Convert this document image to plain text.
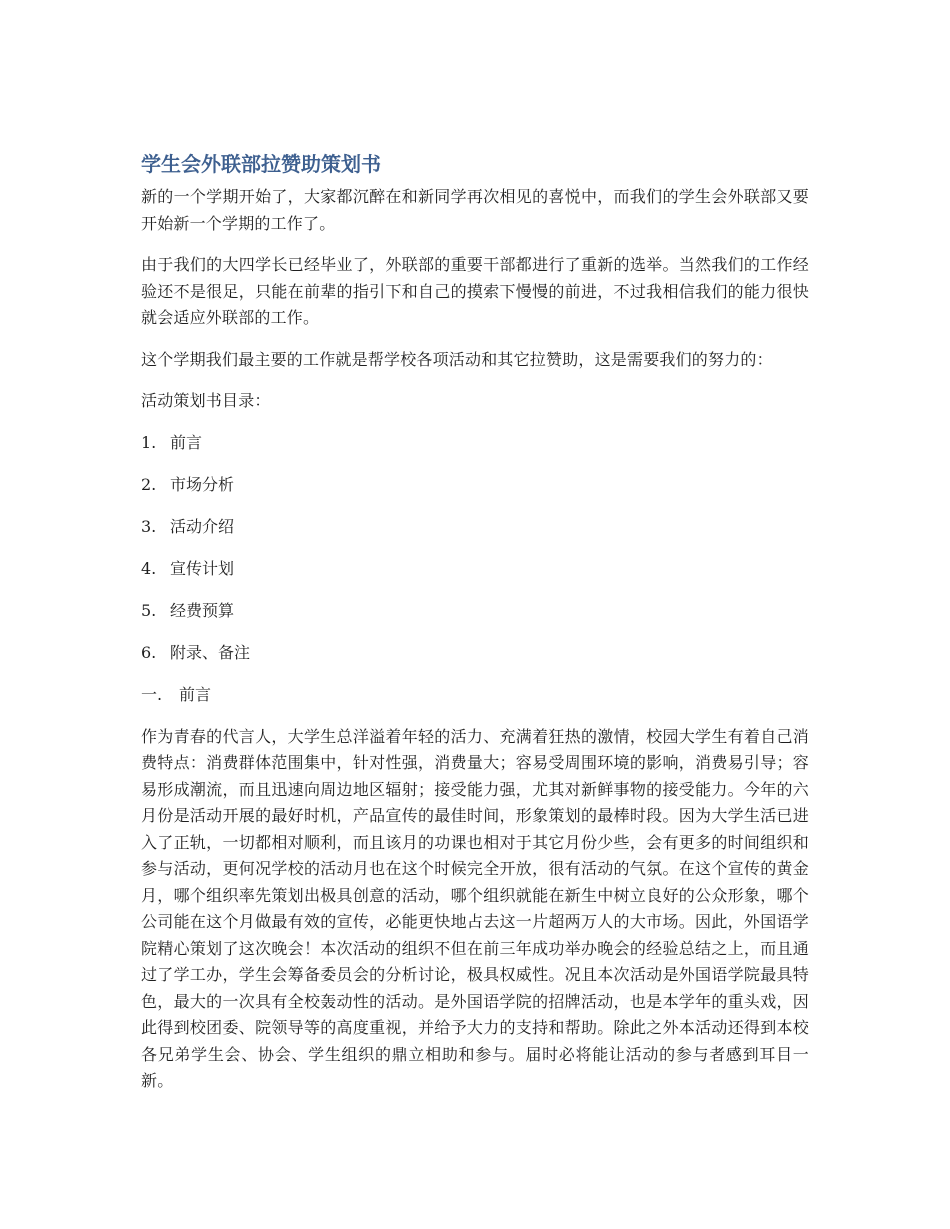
学生会外联部拉赞助策划书

新的一个学期开始了，大家都沉醉在和新同学再次相见的喜悦中，而我们的学生会外联部又要开始新一个学期的工作了。

由于我们的大四学长已经毕业了，外联部的重要干部都进行了重新的选举。当然我们的工作经验还不是很足，只能在前辈的指引下和自己的摸索下慢慢的前进，不过我相信我们的能力很快就会适应外联部的工作。

这个学期我们最主要的工作就是帮学校各项活动和其它拉赞助，这是需要我们的努力的：

活动策划书目录：

1. 前言
2. 市场分析
3. 活动介绍
4. 宣传计划
5. 经费预算
6. 附录、备注
一.	前言

作为青春的代言人，大学生总洋溢着年轻的活力、充满着狂热的激情，校园大学生有着自己消费特点：消费群体范围集中，针对性强，消费量大；容易受周围环境的影响，消费易引导；容易形成潮流，而且迅速向周边地区辐射；接受能力强，尤其对新鲜事物的接受能力。今年的六月份是活动开展的最好时机，产品宣传的最佳时间，形象策划的最棒时段。因为大学生活已进入了正轨，一切都相对顺利，而且该月的功课也相对于其它月份少些，会有更多的时间组织和参与活动，更何况学校的活动月也在这个时候完全开放，很有活动的气氛。在这个宣传的黄金月，哪个组织率先策划出极具创意的活动，哪个组织就能在新生中树立良好的公众形象，哪个公司能在这个月做最有效的宣传，必能更快地占去这一片超两万人的大市场。因此，外国语学院精心策划了这次晚会！本次活动的组织不但在前三年成功举办晚会的经验总结之上，而且通过了学工办，学生会筹备委员会的分析讨论，极具权威性。况且本次活动是外国语学院最具特色，最大的一次具有全校轰动性的活动。是外国语学院的招牌活动，也是本学年的重头戏，因此得到校团委、院领导等的高度重视，并给予大力的支持和帮助。除此之外本活动还得到本校各兄弟学生会、协会、学生组织的鼎立相助和参与。届时必将能让活动的参与者感到耳目一新。
